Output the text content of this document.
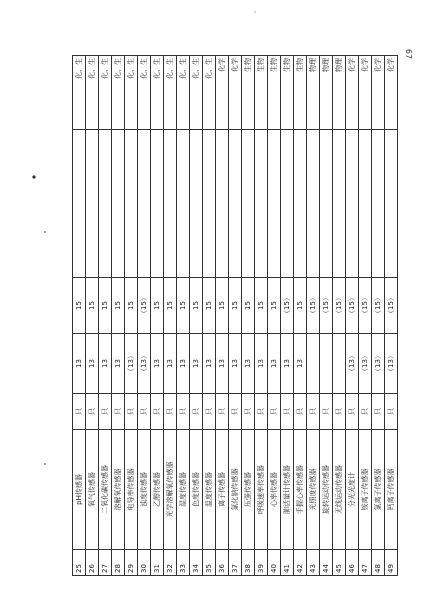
67
25	pH传感器	只	13	15		化、生
26	氧气传感器	只	13	15		化、生
27	二氧化碳传感器	只	13	15		化、生
28	溶解氧传感器	只	13	15		化、生
29	电导率传感器	只	（13）	15		化、生
30	浊度传感器	只	（13）	（15）		化、生
31	乙醇传感器	只	13	15		化、生
32	光学溶解氧传感器	只	13	15		化、生
33	湿度传感器	只	13	15		化、生
34	色度传感器	只	13	15		化、生
35	温度传感器	只	13	15		化、生
36	离子传感器	只	13	15		化学
37	氯化钠传感器	只	13	15		化学
38	压强传感器	只	13	15		生物
39	呼吸速率传感器	只	13	15		生物
40	心率传感器	只	13	15		生物
41	肺活量计传感器	只	13	（15）		生物
42	手握心率传感器	只	13	15		生物
43	光照度传感器	只		（15）		物理
44	旋转运动传感器	只		（15）		物理
45	无线运动传感器	只		（15）		物理
46	分光光度计	只	（13）	（15）		化学
47	铵离子传感器	只	（13）	（15）		化学
48	氯离子传感器	只	（13）	（15）		化学
49	钙离子传感器	只	（13）	（15）		化学
